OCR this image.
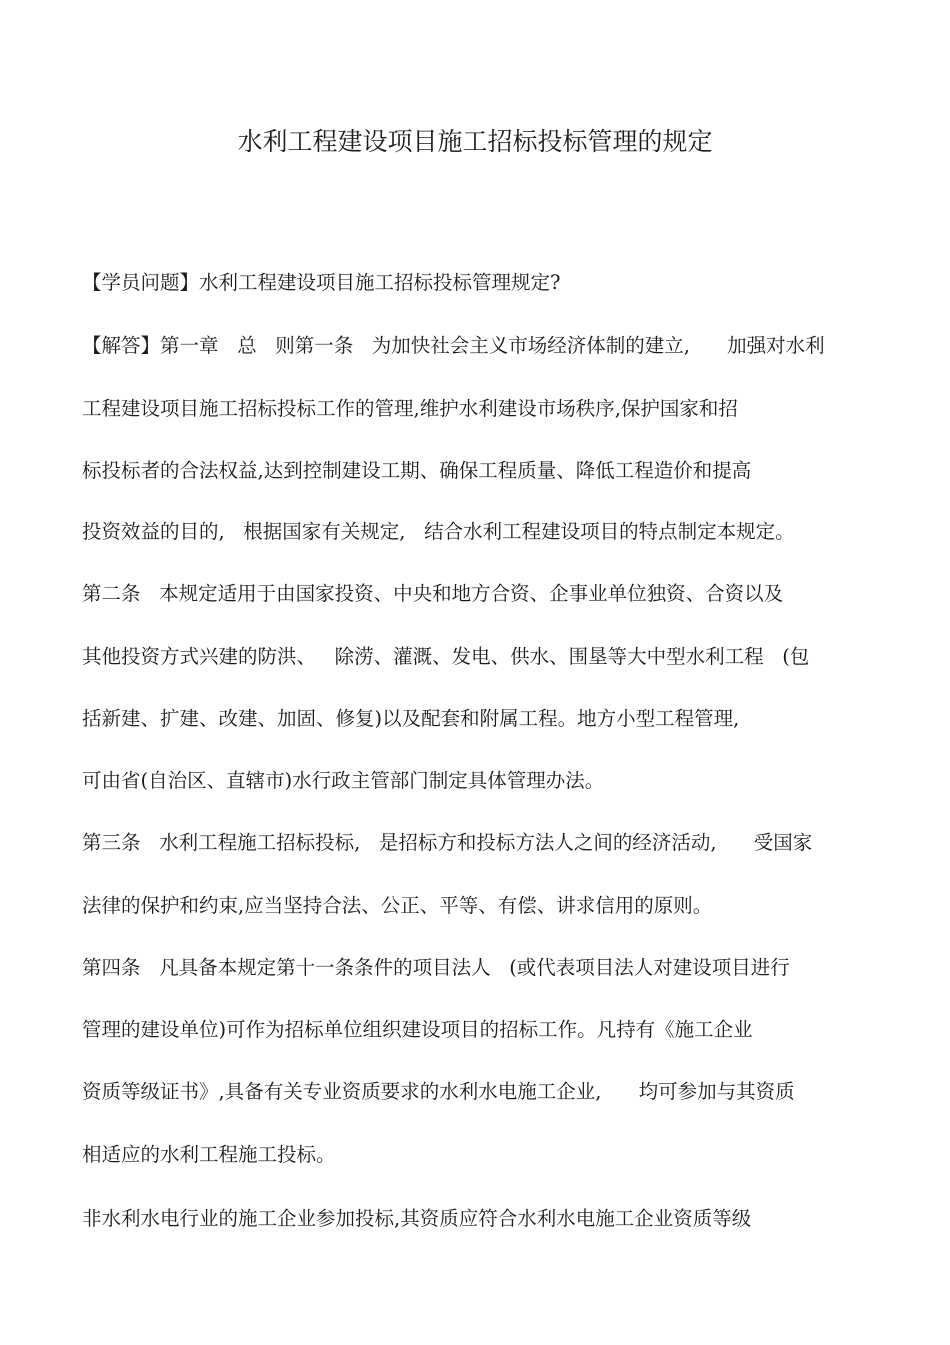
水利工程建设项目施工招标投标管理的规定
【学员问题】水利工程建设项目施工招标投标管理规定?
【解答】第一章   总   则第一条   为加快社会主义市场经济体制的建立,      加强对水利
工程建设项目施工招标投标工作的管理,维护水利建设市场秩序,保护国家和招
标投标者的合法权益,达到控制建设工期、确保工程质量、降低工程造价和提高
投资效益的目的,   根据国家有关规定,   结合水利工程建设项目的特点制定本规定。
第二条   本规定适用于由国家投资、中央和地方合资、企事业单位独资、合资以及
其他投资方式兴建的防洪、   除涝、灌溉、发电、供水、围垦等大中型水利工程   (包
括新建、扩建、改建、加固、修复)以及配套和附属工程。地方小型工程管理,
可由省(自治区、直辖市)水行政主管部门制定具体管理办法。
第三条   水利工程施工招标投标,   是招标方和投标方法人之间的经济活动,      受国家
法律的保护和约束,应当坚持合法、公正、平等、有偿、讲求信用的原则。
第四条   凡具备本规定第十一条条件的项目法人   (或代表项目法人对建设项目进行
管理的建设单位)可作为招标单位组织建设项目的招标工作。凡持有《施工企业
资质等级证书》,具备有关专业资质要求的水利水电施工企业,      均可参加与其资质
相适应的水利工程施工投标。
非水利水电行业的施工企业参加投标,其资质应符合水利水电施工企业资质等级
